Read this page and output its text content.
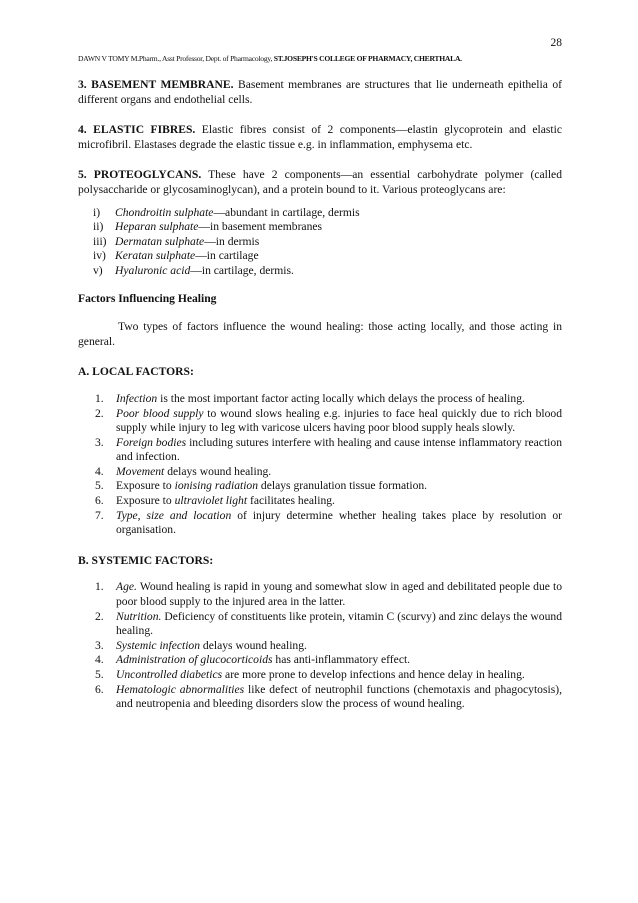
28
DAWN V TOMY M.Pharm., Asst Professor, Dept. of Pharmacology, ST.JOSEPH'S COLLEGE OF PHARMACY, CHERTHALA.

3. BASEMENT MEMBRANE. Basement membranes are structures that lie underneath epithelia of different organs and endothelial cells.

4. ELASTIC FIBRES. Elastic fibres consist of 2 components—elastin glycoprotein and elastic microfibril. Elastases degrade the elastic tissue e.g. in inflammation, emphysema etc.

5. PROTEOGLYCANS. These have 2 components—an essential carbohydrate polymer (called polysaccharide or glycosaminoglycan), and a protein bound to it. Various proteoglycans are:

i) Chondroitin sulphate—abundant in cartilage, dermis
ii) Heparan sulphate—in basement membranes
iii) Dermatan sulphate—in dermis
iv) Keratan sulphate—in cartilage
v) Hyaluronic acid—in cartilage, dermis.

Factors Influencing Healing

Two types of factors influence the wound healing: those acting locally, and those acting in general.

A. LOCAL FACTORS:

1. Infection is the most important factor acting locally which delays the process of healing.
2. Poor blood supply to wound slows healing e.g. injuries to face heal quickly due to rich blood supply while injury to leg with varicose ulcers having poor blood supply heals slowly.
3. Foreign bodies including sutures interfere with healing and cause intense inflammatory reaction and infection.
4. Movement delays wound healing.
5. Exposure to ionising radiation delays granulation tissue formation.
6. Exposure to ultraviolet light facilitates healing.
7. Type, size and location of injury determine whether healing takes place by resolution or organisation.

B. SYSTEMIC FACTORS:

1. Age. Wound healing is rapid in young and somewhat slow in aged and debilitated people due to poor blood supply to the injured area in the latter.
2. Nutrition. Deficiency of constituents like protein, vitamin C (scurvy) and zinc delays the wound healing.
3. Systemic infection delays wound healing.
4. Administration of glucocorticoids has anti-inflammatory effect.
5. Uncontrolled diabetics are more prone to develop infections and hence delay in healing.
6. Hematologic abnormalities like defect of neutrophil functions (chemotaxis and phagocytosis), and neutropenia and bleeding disorders slow the process of wound healing.
